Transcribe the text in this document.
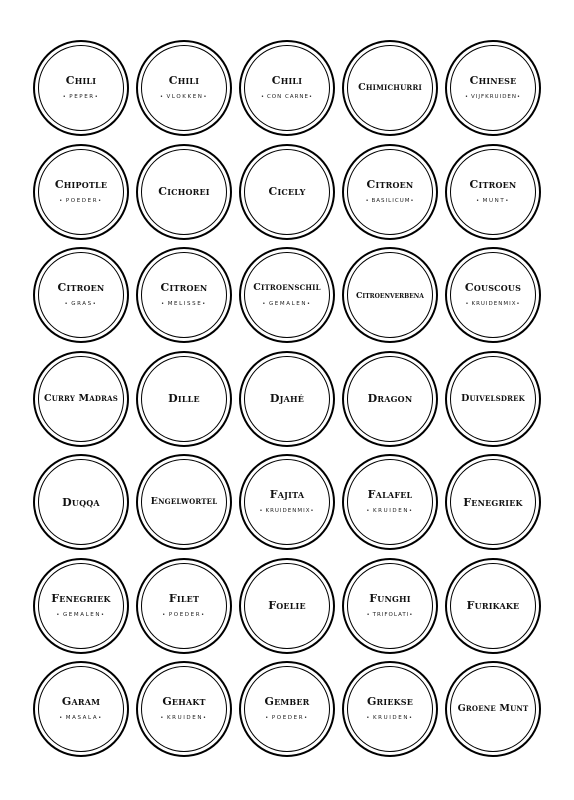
Chili
• PEPER •
Chili
• VLOKKEN •
Chili
• CON CARNE •
Chimichurri
Chinese
• VIJFKRUIDEN •
Chipotle
• POEDER •
Cichorei	Cicely
Citroen
• BASILICUM •
Citroen
• MUNT •
Citroen
• GRAS •
Citroen
• MELISSE •
Citroenschil
• GEMALEN •
Citroenverbena
Couscous
• KRUIDENMIX •
Curry Madras	Dille	Djahé	Dragon	Duivelsdrek
Duqqa	Engelwortel
Fajita
• KRUIDENMIX •
Falafel
• KRUIDEN •
Fenegriek
Fenegriek
• GEMALEN •
Filet
• POEDER •
Foelie
Funghi
• TRIFOLATI •
Furikake
Garam
• MASALA •
Gehakt
• KRUIDEN •
Gember
• POEDER •
Griekse
• KRUIDEN •
Groene Munt
